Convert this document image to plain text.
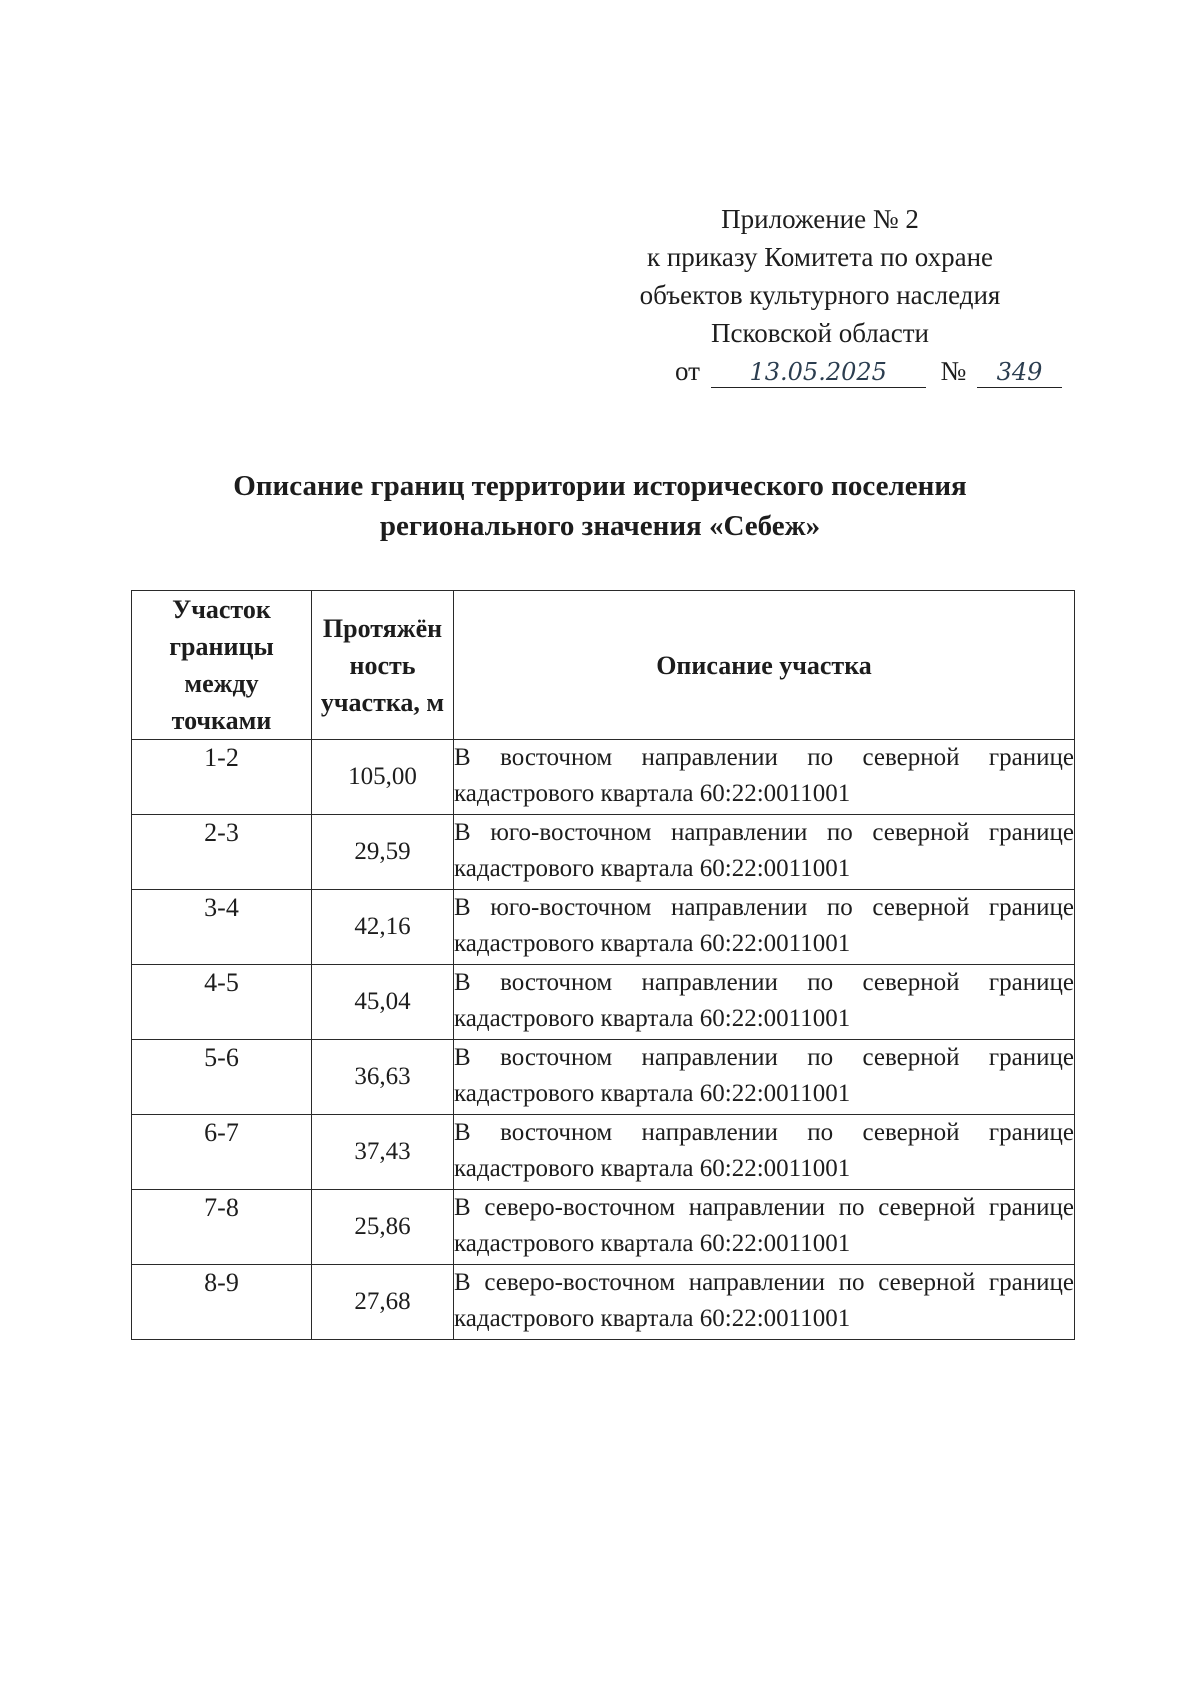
Приложение № 2
к приказу Комитета по охране
объектов культурного наследия
Псковской области
от 13.05.2025 № 349
Описание границ территории исторического поселения
регионального значения «Себеж»
Участок границы между точками	Протяжён ность участка, м	Описание участка
1-2	105,00	В восточном направлении по северной границе кадастрового квартала 60:22:0011001
2-3	29,59	В юго-восточном направлении по северной границе кадастрового квартала 60:22:0011001
3-4	42,16	В юго-восточном направлении по северной границе кадастрового квартала 60:22:0011001
4-5	45,04	В восточном направлении по северной границе кадастрового квартала 60:22:0011001
5-6	36,63	В восточном направлении по северной границе кадастрового квартала 60:22:0011001
6-7	37,43	В восточном направлении по северной границе кадастрового квартала 60:22:0011001
7-8	25,86	В северо-восточном направлении по северной границе кадастрового квартала 60:22:0011001
8-9	27,68	В северо-восточном направлении по северной границе кадастрового квартала 60:22:0011001
